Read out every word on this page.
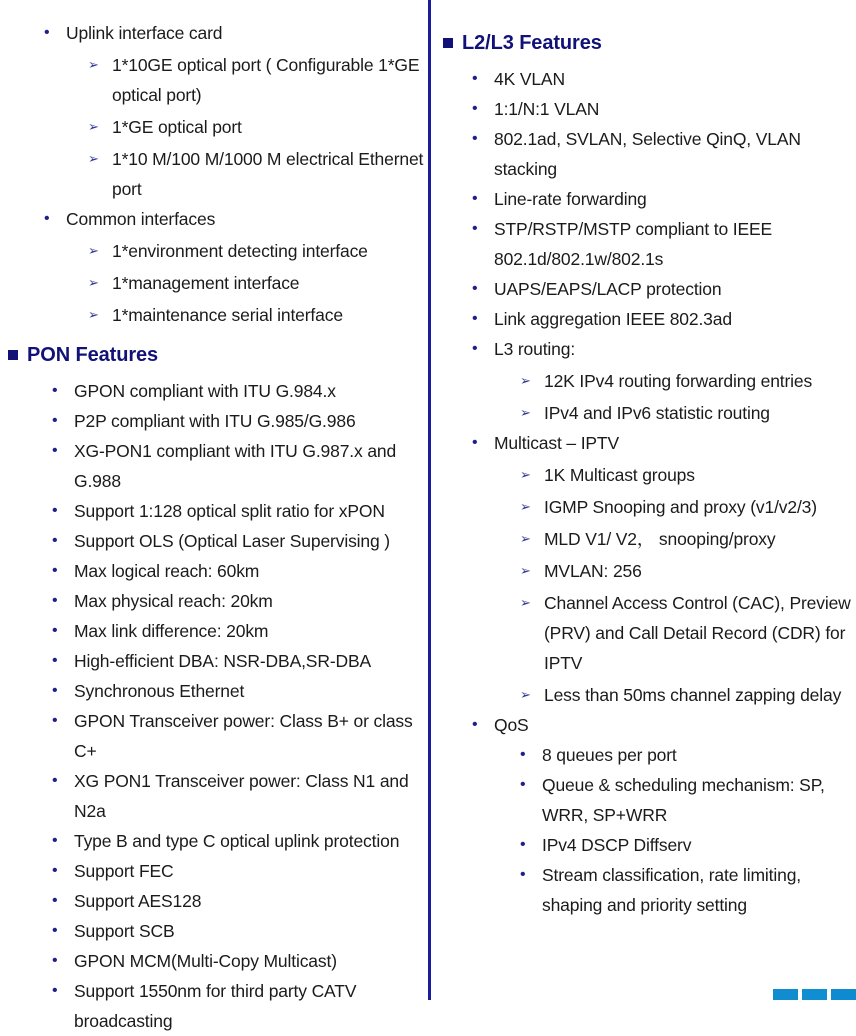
• Uplink interface card
➢ 1*10GE optical port ( Configurable 1*GE optical port)
➢ 1*GE optical port
➢ 1*10 M/100 M/1000 M electrical Ethernet port
• Common interfaces
➢ 1*environment detecting interface
➢ 1*management interface
➢ 1*maintenance serial interface
PON Features
• GPON compliant with ITU G.984.x
• P2P compliant with ITU G.985/G.986
• XG-PON1 compliant with ITU G.987.x and G.988
• Support 1:128 optical split ratio for xPON
• Support OLS (Optical Laser Supervising )
• Max logical reach: 60km
• Max physical reach: 20km
• Max link difference: 20km
• High-efficient DBA: NSR-DBA,SR-DBA
• Synchronous Ethernet
• GPON Transceiver power: Class B+ or class C+
• XG PON1 Transceiver power: Class N1 and N2a
• Type B and type C optical uplink protection
• Support FEC
• Support AES128
• Support SCB
• GPON MCM(Multi-Copy Multicast)
• Support 1550nm for third party CATV broadcasting
L2/L3 Features
• 4K VLAN
• 1:1/N:1 VLAN
• 802.1ad, SVLAN, Selective QinQ, VLAN stacking
• Line-rate forwarding
• STP/RSTP/MSTP compliant to IEEE 802.1d/802.1w/802.1s
• UAPS/EAPS/LACP protection
• Link aggregation IEEE 802.3ad
• L3 routing:
➢ 12K IPv4 routing forwarding entries
➢ IPv4 and IPv6 statistic routing
• Multicast – IPTV
➢ 1K Multicast groups
➢ IGMP Snooping and proxy (v1/v2/3)
➢ MLD V1/ V2， snooping/proxy
➢ MVLAN: 256
➢ Channel Access Control (CAC), Preview (PRV) and Call Detail Record (CDR) for IPTV
➢ Less than 50ms channel zapping delay
• QoS
• 8 queues per port
• Queue & scheduling mechanism: SP, WRR, SP+WRR
• IPv4 DSCP Diffserv
• Stream classification, rate limiting, shaping and priority setting
